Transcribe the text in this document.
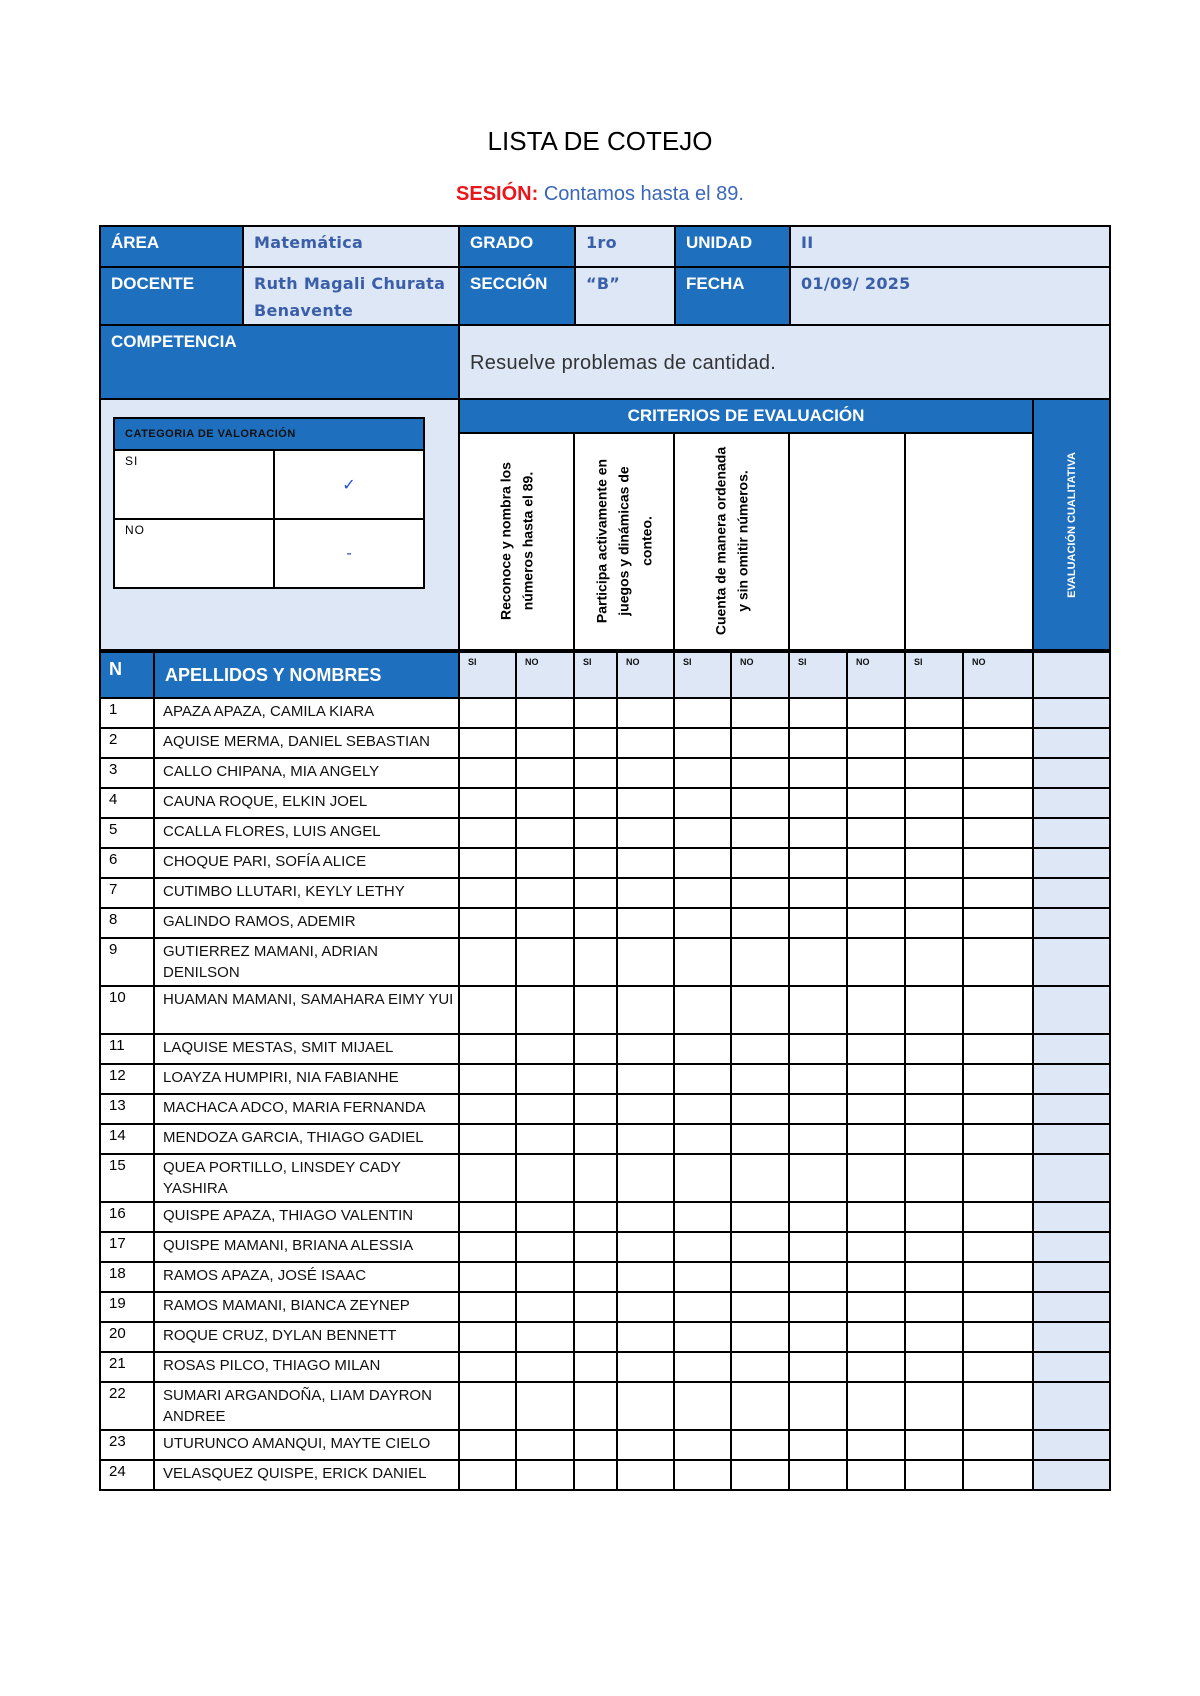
LISTA DE COTEJO
SESIÓN: Contamos hasta el 89.
ÁREA	Matemática	GRADO	1ro	UNIDAD	II
DOCENTE	Ruth Magali Churata Benavente	SECCIÓN	“B”	FECHA	01/09/ 2025
COMPETENCIA		Resuelve problemas de cantidad.			
CATEGORIA DE VALORACIÓN
SI	✓
NO	-
	CRITERIOS DE EVALUACIÓN	
EVALUACIÓN CUALITATIVA

Reconoce y nombra los números hasta el 89.	Participa activamente en juegos y dinámicas de conteo.	Cuenta de manera ordenada y sin omitir números.

N	APELLIDOS Y NOMBRES	SI	NO	SI	NO	SI	NO	SI	NO	SI	NO	
1	APAZA APAZA, CAMILA KIARA											
2	AQUISE MERMA, DANIEL SEBASTIAN											
3	CALLO CHIPANA, MIA ANGELY											
4	CAUNA ROQUE, ELKIN JOEL											
5	CCALLA FLORES, LUIS ANGEL											
6	CHOQUE PARI, SOFÍA ALICE											
7	CUTIMBO LLUTARI, KEYLY LETHY											
8	GALINDO RAMOS, ADEMIR											
9	GUTIERREZ MAMANI, ADRIAN DENILSON											
10	HUAMAN MAMANI, SAMAHARA EIMY YUI											
11	LAQUISE MESTAS, SMIT MIJAEL											
12	LOAYZA HUMPIRI, NIA FABIANHE											
13	MACHACA ADCO, MARIA FERNANDA											
14	MENDOZA GARCIA, THIAGO GADIEL											
15	QUEA PORTILLO, LINSDEY CADY YASHIRA											
16	QUISPE APAZA, THIAGO VALENTIN											
17	QUISPE MAMANI, BRIANA ALESSIA											
18	RAMOS APAZA, JOSÉ ISAAC											
19	RAMOS MAMANI, BIANCA ZEYNEP											
20	ROQUE CRUZ, DYLAN BENNETT											
21	ROSAS PILCO, THIAGO MILAN											
22	SUMARI ARGANDOÑA, LIAM DAYRON ANDREE											
23	UTURUNCO AMANQUI, MAYTE CIELO											
24	VELASQUEZ QUISPE, ERICK DANIEL											
